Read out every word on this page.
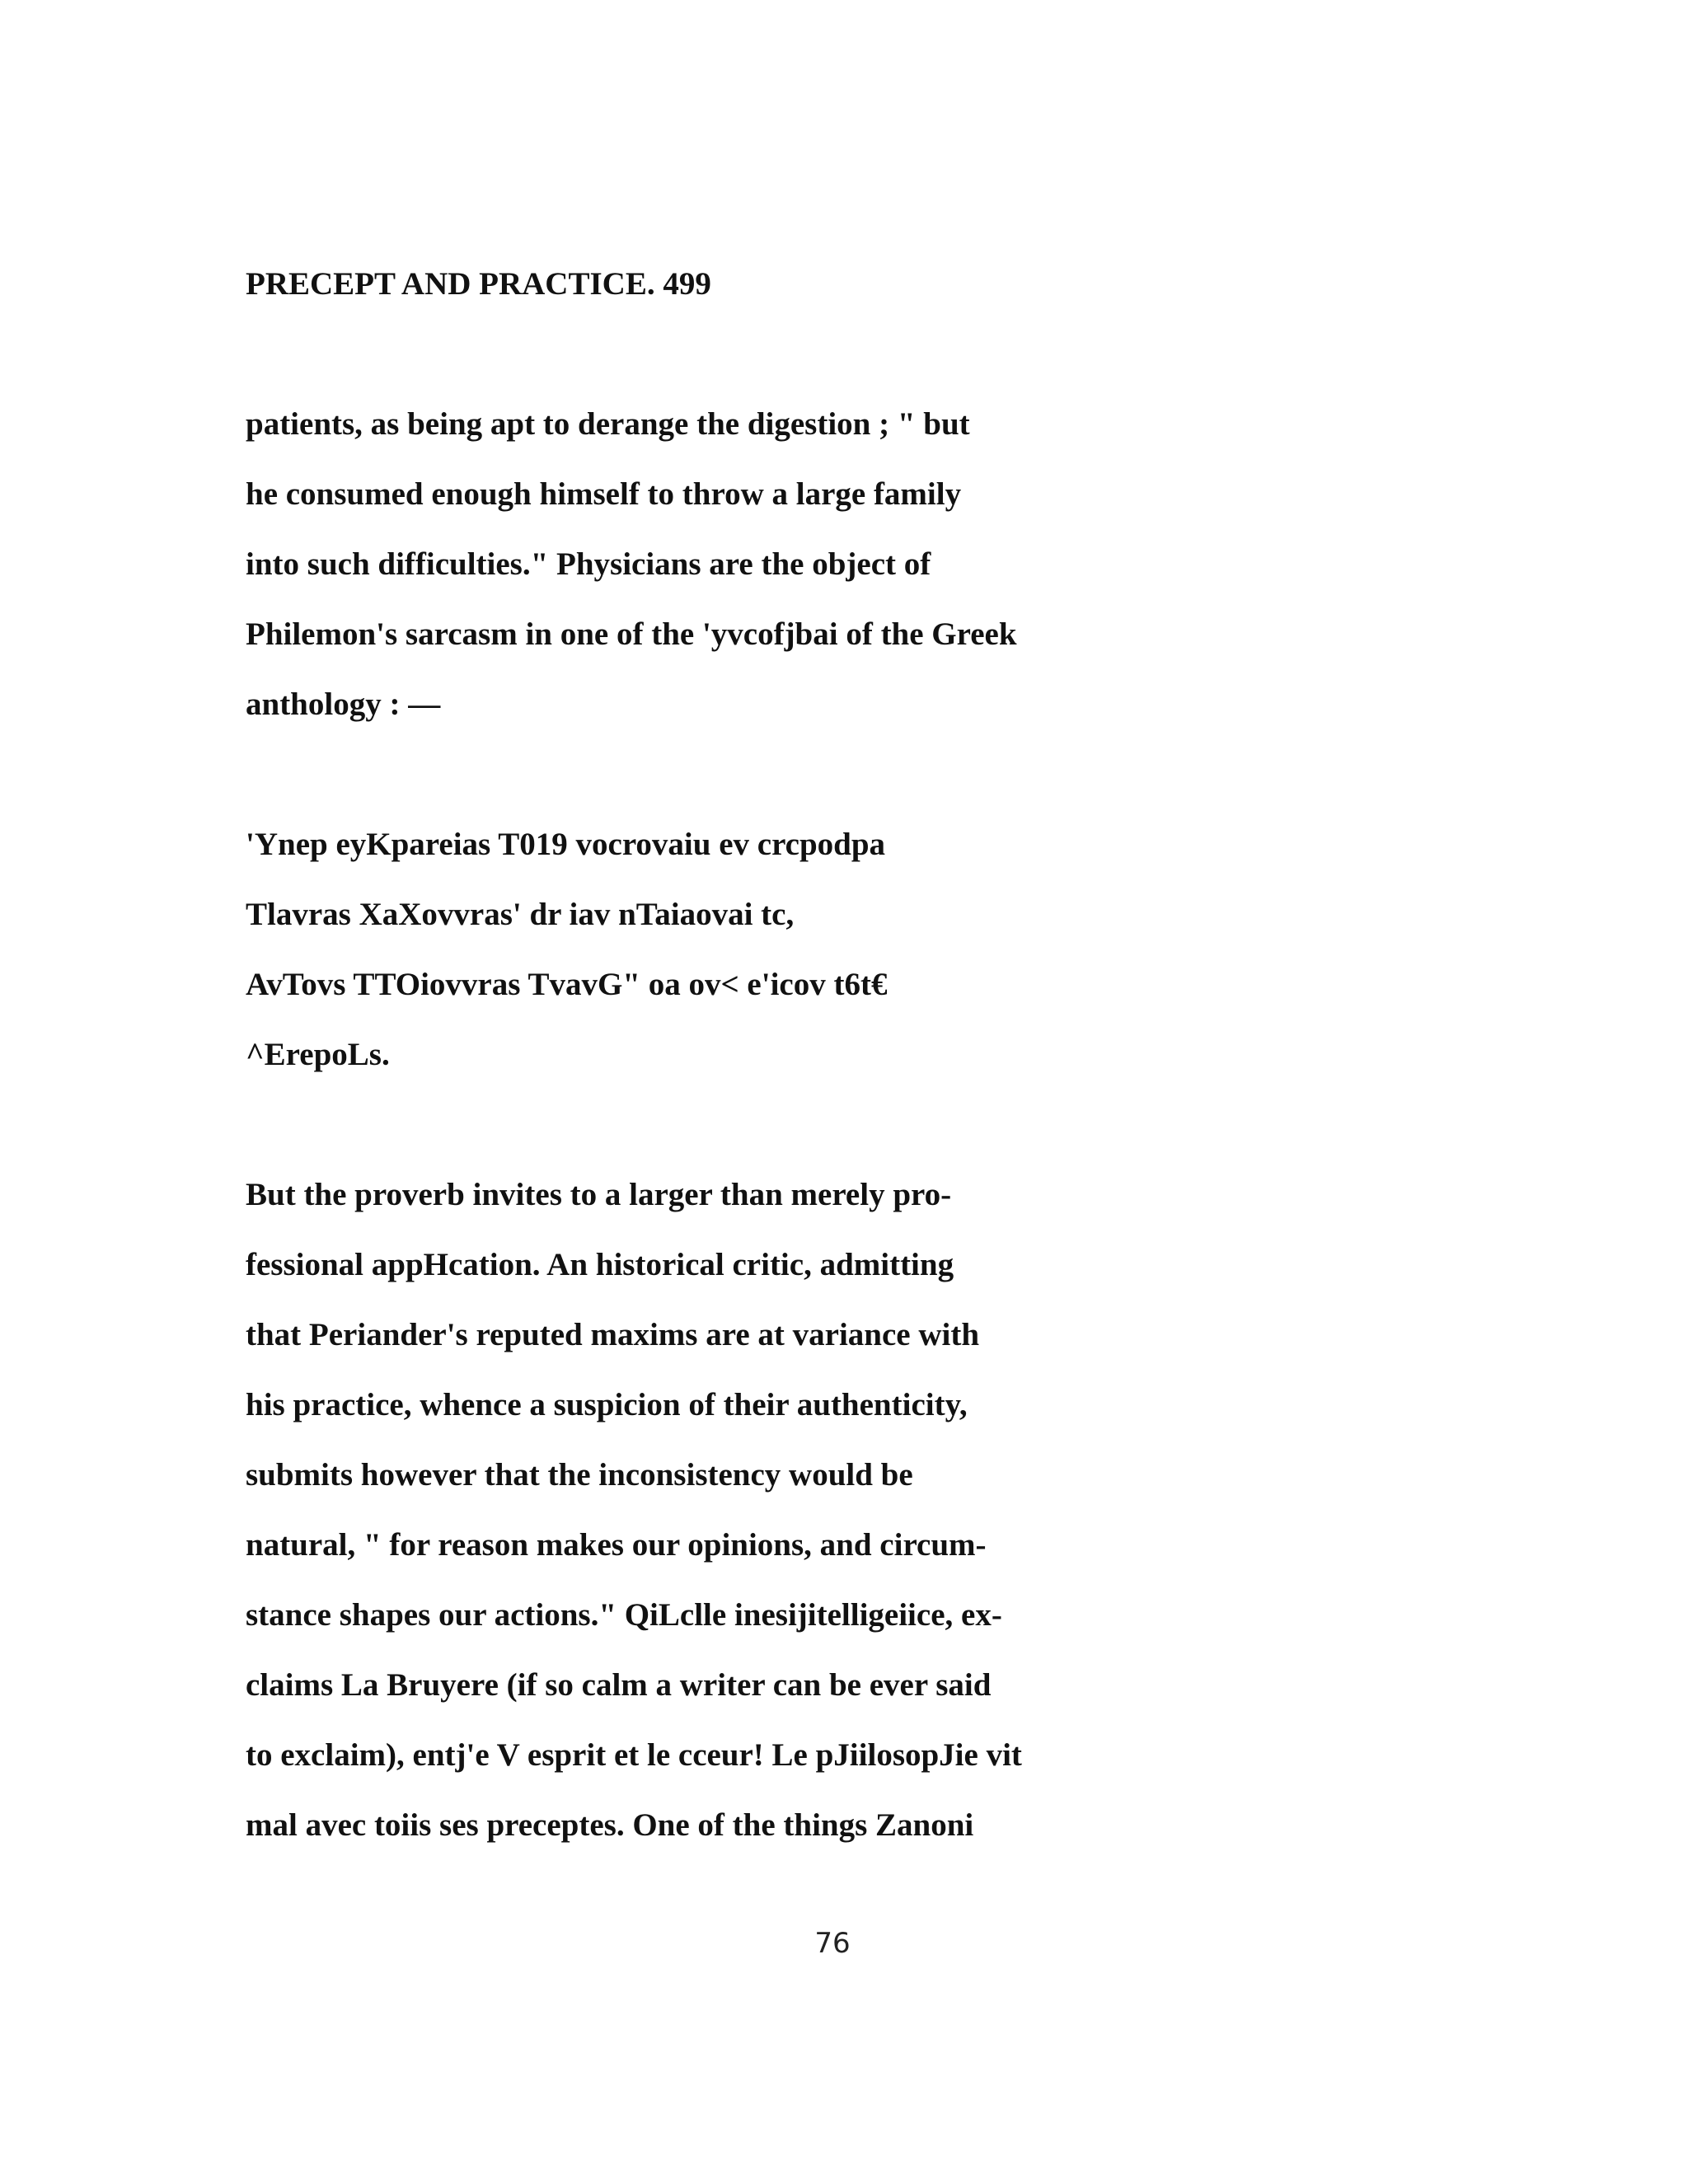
PRECEPT AND PRACTICE. 499
patients, as being apt to derange the digestion ; " but
he consumed enough himself to throw a large family
into such difficulties." Physicians are the object of
Philemon's sarcasm in one of the 'yvcofjbai of the Greek
anthology : —
'Ynep eyKpareias T019 vocrovaiu ev crcpodpa
Tlavras XaXovvras' dr iav nTaiaovai tc,
AvTovs TTOiovvras TvavG" oa ov< e'icov t6t€
^ErepoLs.
But the proverb invites to a larger than merely pro-
fessional appHcation. An historical critic, admitting
that Periander's reputed maxims are at variance with
his practice, whence a suspicion of their authenticity,
submits however that the inconsistency would be
natural, " for reason makes our opinions, and circum-
stance shapes our actions." QiLclle inesijitelligeiice, ex-
claims La Bruyere (if so calm a writer can be ever said
to exclaim), entj'e V esprit et le cceur! Le pJiilosopJie vit
mal avec toiis ses preceptes. One of the things Zanoni
76
